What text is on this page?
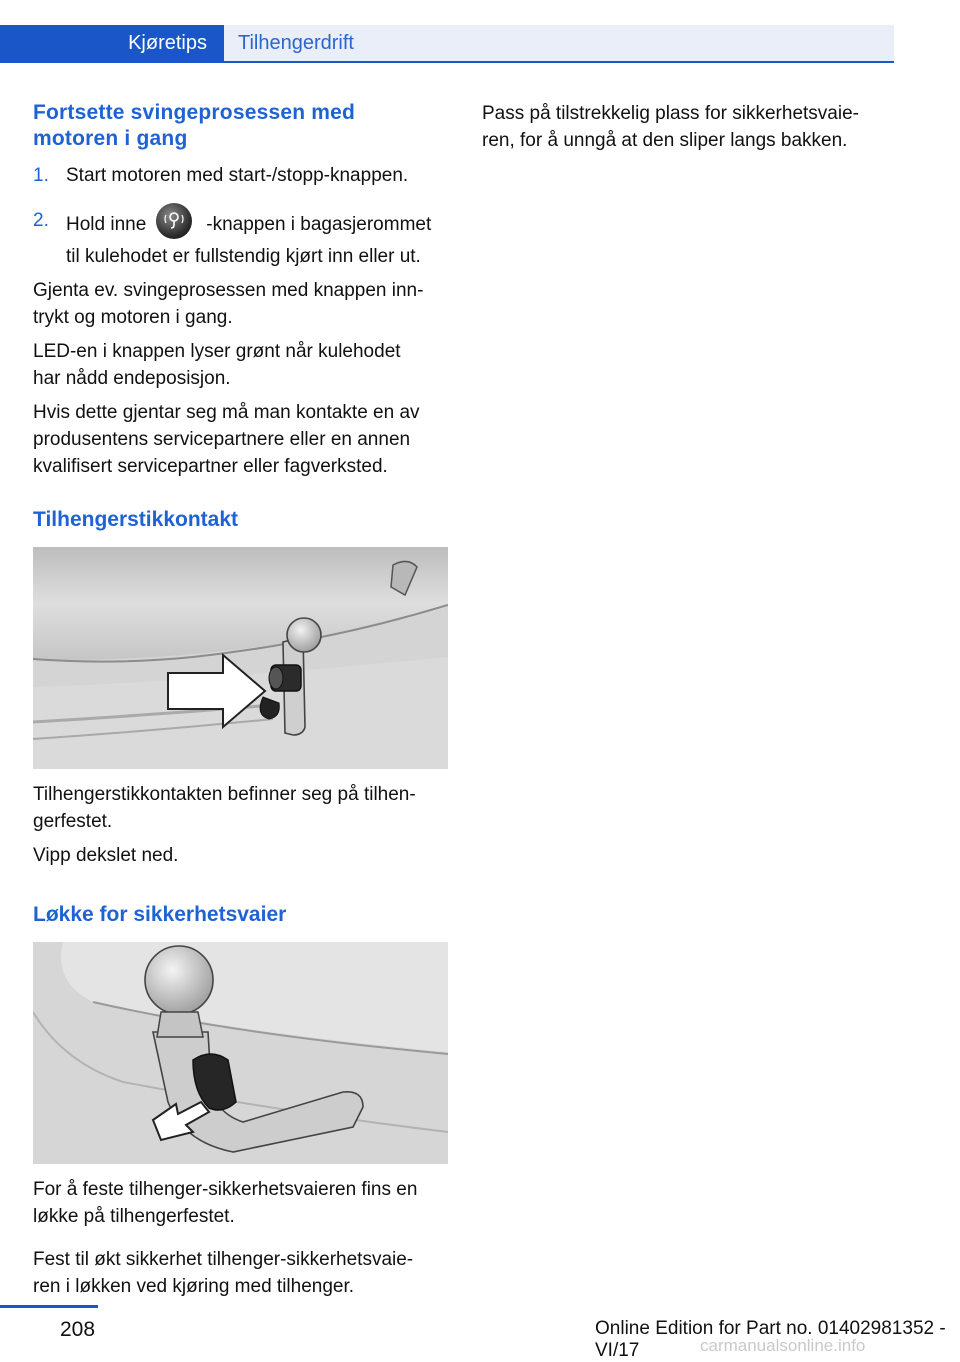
Kjøretips	Tilhengerdrift
Fortsette svingeprosessen med
motoren i gang
1. Start motoren med start-/stopp-knappen.
2. Hold inne	-knappen i bagasjerommet
til kulehodet er fullstendig kjørt inn eller ut.

Gjenta ev. svingeprosessen med knappen inn-
trykt og motoren i gang.

LED-en i knappen lyser grønt når kulehodet
har nådd endeposisjon.

Hvis dette gjentar seg må man kontakte en av
produsentens servicepartnere eller en annen
kvalifisert servicepartner eller fagverksted.

Tilhengerstikkontakt

Tilhengerstikkontakten befinner seg på tilhen-
gerfestet.

Vipp dekslet ned.

Løkke for sikkerhetsvaier

For å feste tilhenger-sikkerhetsvaieren fins en
løkke på tilhengerfestet.

Fest til økt sikkerhet tilhenger-sikkerhetsvaie-
ren i løkken ved kjøring med tilhenger.

Pass på tilstrekkelig plass for sikkerhetsvaie-
ren, for å unngå at den sliper langs bakken.

208	Online Edition for Part no. 01402981352 - VI/17	carmanualsonline.info
